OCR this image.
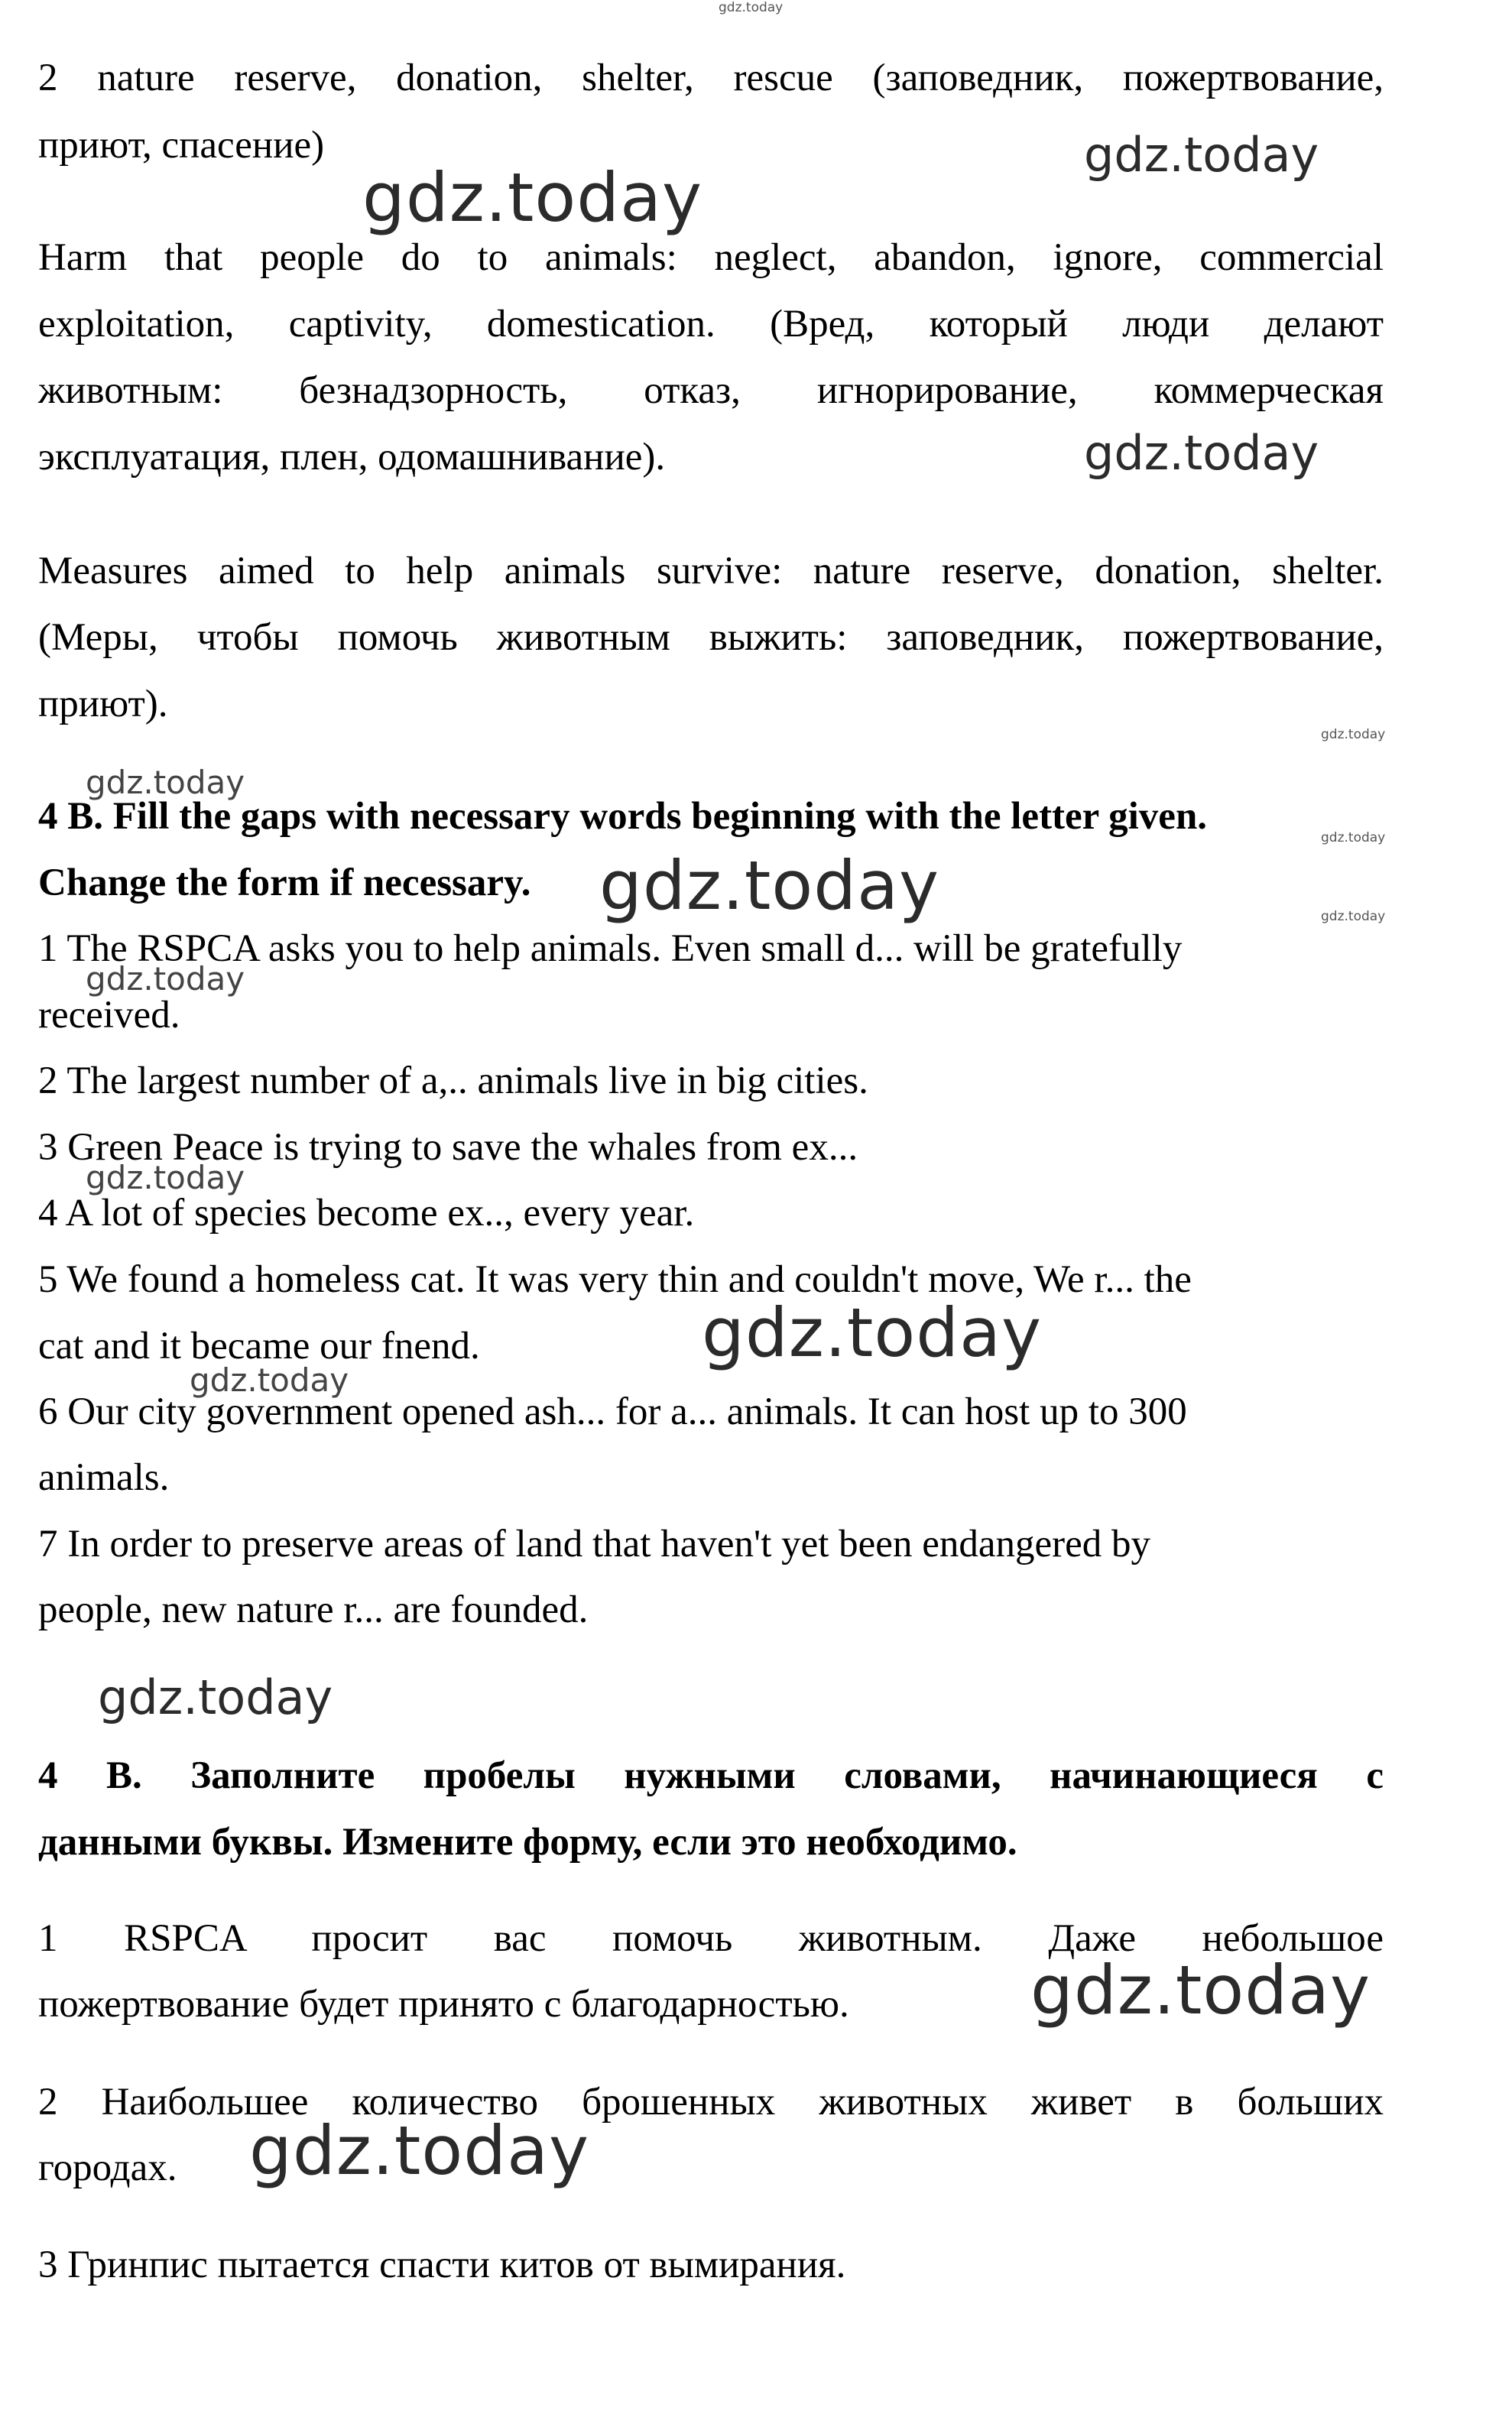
2 nature reserve, donation, shelter, rescue (заповедник, пожертвование,
приют, спасение)
Harm that people do to animals: neglect, abandon, ignore, commercial
exploitation, captivity, domestication. (Вред, который люди делают
животным: безнадзорность, отказ, игнорирование, коммерческая
эксплуатация, плен, одомашнивание).
Measures aimed to help animals survive: nature reserve, donation, shelter.
(Меры, чтобы помочь животным выжить: заповедник, пожертвование,
приют).
4 B. Fill the gaps with necessary words beginning with the letter given.
Change the form if necessary.
1 The RSPCA asks you to help animals. Even small d... will be gratefully
received.
2 The largest number of a,.. animals live in big cities.
3 Green Peace is trying to save the whales from ex...
4 A lot of species become ex.., every year.
5 We found a homeless cat. It was very thin and couldn't move, We r... the
cat and it became our fnend.
6 Our city government opened ash... for a... animals. It can host up to 300
animals.
7 In order to preserve areas of land that haven't yet been endangered by
people, new nature r... are founded.
4 В. Заполните пробелы нужными словами, начинающиеся с
данными буквы. Измените форму, если это необходимо.
1 RSPCA просит вас помочь животным. Даже небольшое
пожертвование будет принято с благодарностью.
2 Наибольшее количество брошенных животных живет в больших
городах.
3 Гринпис пытается спасти китов от вымирания.
gdz.today
gdz.today
gdz.today
gdz.today
gdz.today
gdz.today
gdz.today
gdz.today	gdz.today
gdz.today
gdz.today
gdz.today
gdz.today
gdz.today
gdz.today
gdz.today
